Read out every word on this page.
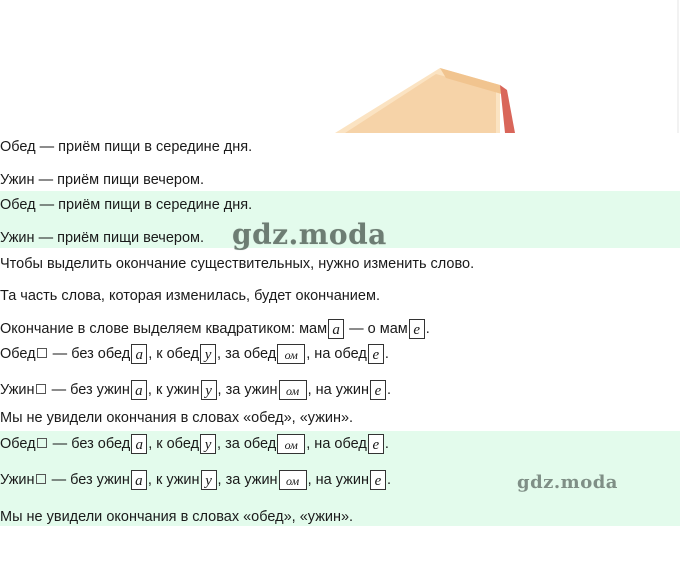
Обед — приём пищи в середине дня.
Ужин — приём пищи вечером.
Обед — приём пищи в середине дня.
Ужин — приём пищи вечером.
Чтобы выделить окончание существительных, нужно изменить слово.
Та часть слова, которая изменилась, будет окончанием.
Окончание в слове выделяем квадратиком: мам а — о мам е .
Обед — без обед а , к обед у , за обед ом , на обед е .
Ужин — без ужин а , к ужин у , за ужин ом , на ужин е .
Мы не увидели окончания в словах «обед», «ужин».
Обед — без обед а , к обед у , за обед ом , на обед е .
Ужин — без ужин а , к ужин у , за ужин ом , на ужин е .
Мы не увидели окончания в словах «обед», «ужин».
gdz.moda
gdz.moda
